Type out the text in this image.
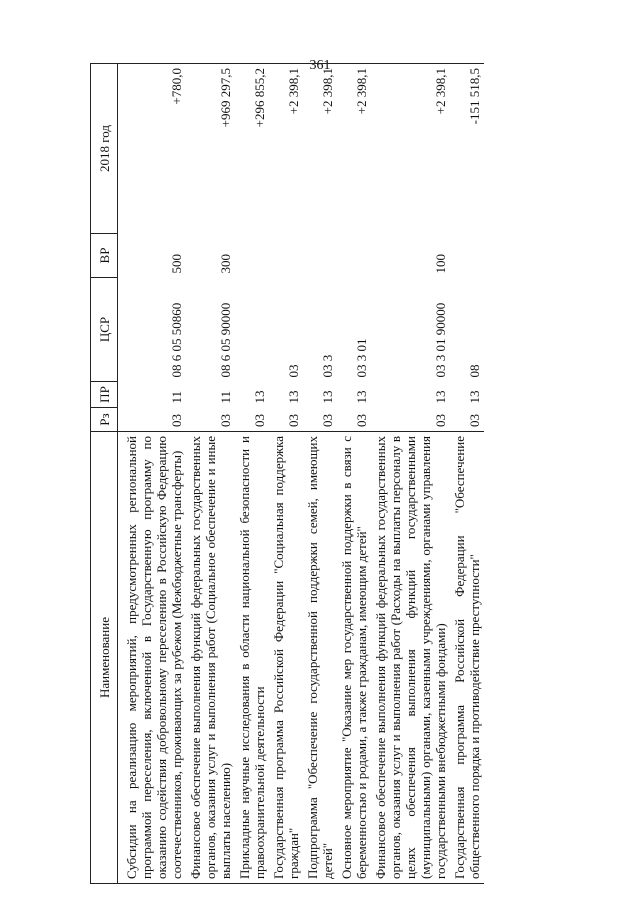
361
Наименование	Рз	ПР	ЦСР	ВР	2018 год
Субсидии на реализацию мероприятий, предусмотренных региональной программой переселения, включенной в Государственную программу по оказанию содействия добровольному переселению в Российскую Федерацию соотечественников, проживающих за рубежом (Межбюджетные трансферты)	03	11	08 6 05 50860	500	+780,0
Финансовое обеспечение выполнения функций федеральных государственных органов, оказания услуг и выполнения работ (Социальное обеспечение и иные выплаты населению)	03	11	08 6 05 90000	300	+969 297,5
Прикладные научные исследования в области национальной безопасности и правоохранительной деятельности	03	13			+296 855,2
Государственная программа Российской Федерации "Социальная поддержка граждан"	03	13	03		+2 398,1
Подпрограмма "Обеспечение государственной поддержки семей, имеющих детей"	03	13	03 3		+2 398,1
Основное мероприятие "Оказание мер государственной поддержки в связи с беременностью и родами, а также гражданам, имеющим детей"	03	13	03 3 01		+2 398,1
Финансовое обеспечение выполнения функций федеральных государственных органов, оказания услуг и выполнения работ (Расходы на выплаты персоналу в целях обеспечения выполнения функций государственными (муниципальными) органами, казенными учреждениями, органами управления государственными внебюджетными фондами)	03	13	03 3 01 90000	100	+2 398,1
Государственная программа Российской Федерации "Обеспечение общественного порядка и противодействие преступности"	03	13	08		-151 518,5
